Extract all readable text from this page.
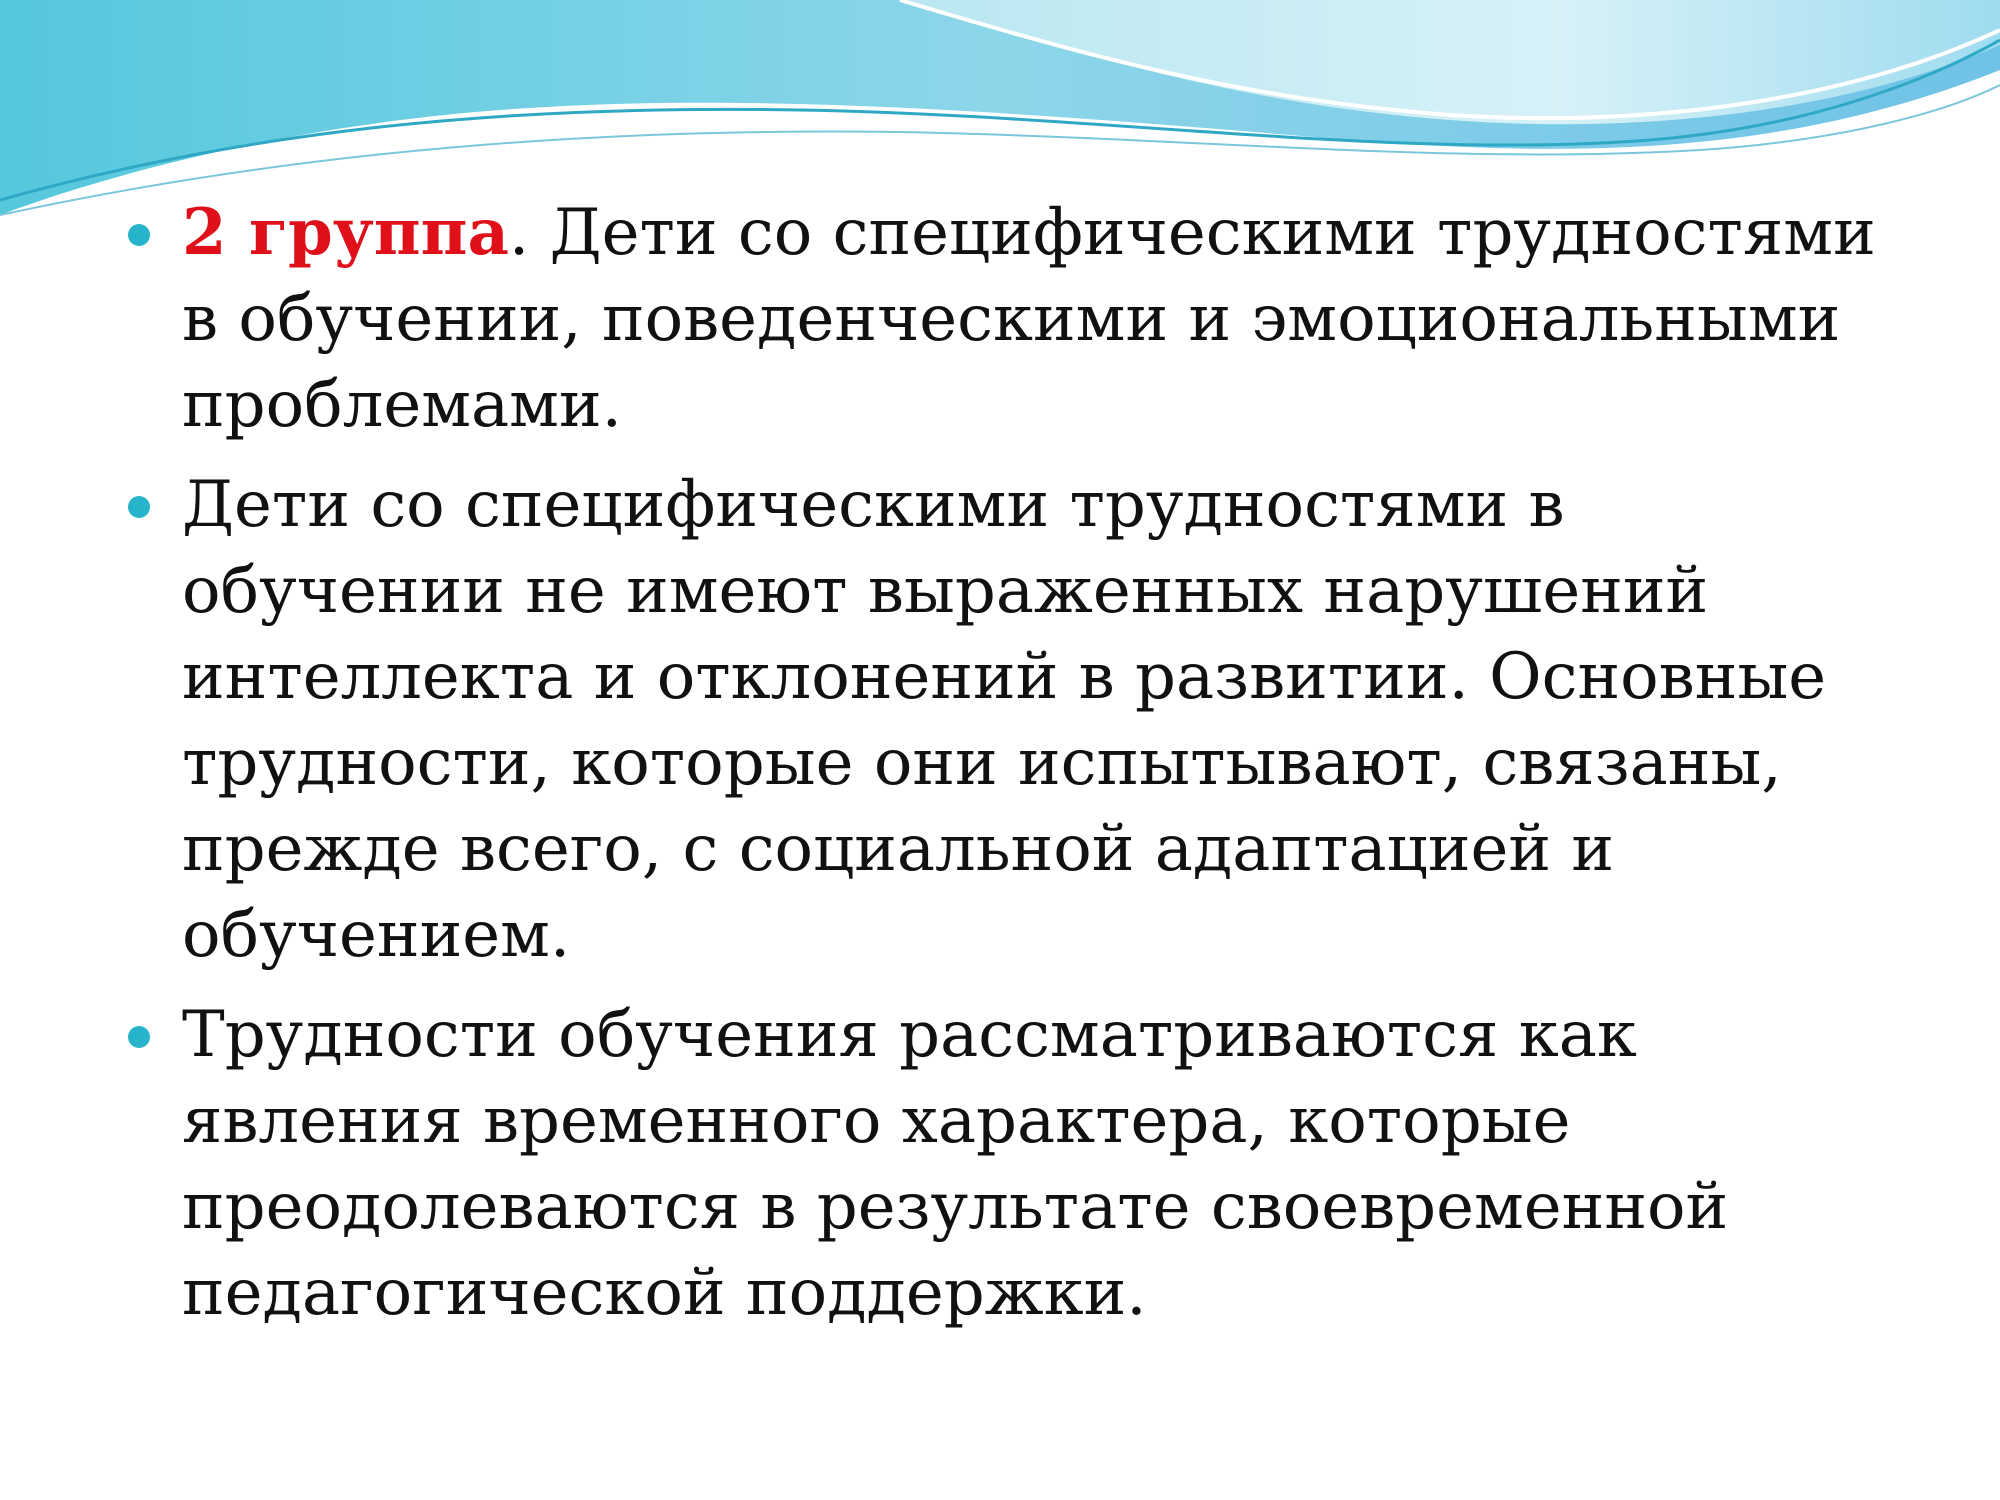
2 группа. Дети со специфическими трудностями в обучении, поведенческими и эмоциональными проблемами.
Дети со специфическими трудностями в обучении не имеют выраженных нарушений интеллекта и отклонений в развитии. Основные трудности, которые они испытывают, связаны, прежде всего, с социальной адаптацией и обучением.
Трудности обучения рассматриваются как явления временного характера, которые преодолеваются в результате своевременной педагогической поддержки.
